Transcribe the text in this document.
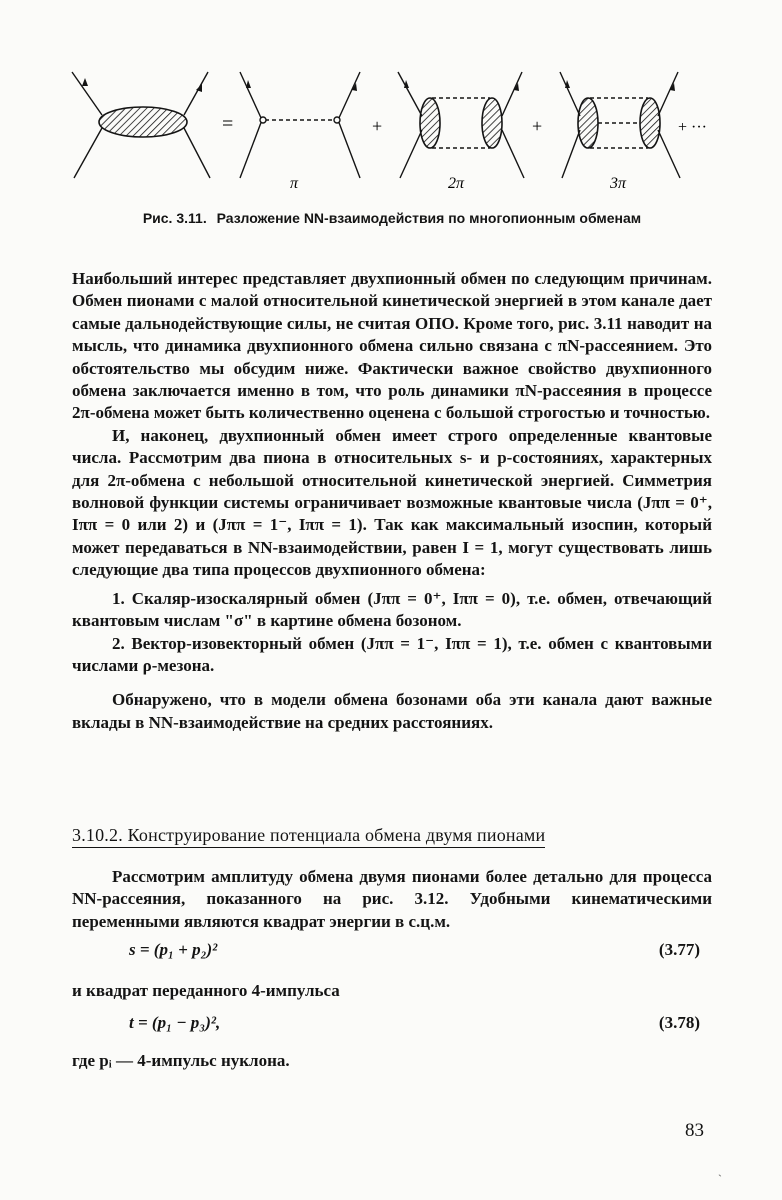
=
π
+
2π
+
3π
+ ···
Рис. 3.11. Разложение NN-взаимодействия по многопионным обменам

Наибольший интерес представляет двухпионный обмен по следующим причинам. Обмен пионами с малой относительной кинетической энергией в этом канале дает самые дальнодействующие силы, не считая ОПО. Кроме того, рис. 3.11 наводит на мысль, что динамика двухпионного обмена сильно связана с πN-рассеянием. Это обстоятельство мы обсудим ниже. Фактически важное свойство двухпионного обмена заключается именно в том, что роль динамики πN-рассеяния в процессе 2π-обмена может быть количественно оценена с большой строгостью и точностью.

И, наконец, двухпионный обмен имеет строго определенные квантовые числа. Рассмотрим два пиона в относительных s- и p-состояниях, характерных для 2π-обмена с небольшой относительной кинетической энергией. Симметрия волновой функции системы ограничивает возможные квантовые числа (Jππ = 0⁺, Iππ = 0 или 2) и (Jππ = 1⁻, Iππ = 1). Так как максимальный изоспин, который может передаваться в NN-взаимодействии, равен I = 1, могут существовать лишь следующие два типа процессов двухпионного обмена:

1. Скаляр-изоскалярный обмен (Jππ = 0⁺, Iππ = 0), т.е. обмен, отвечающий квантовым числам "σ" в картине обмена бозоном.

2. Вектор-изовекторный обмен (Jππ = 1⁻, Iππ = 1), т.е. обмен с квантовыми числами ρ-мезона.

Обнаружено, что в модели обмена бозонами оба эти канала дают важные вклады в NN-взаимодействие на средних расстояниях.

3.10.2. Конструирование потенциала обмена двумя пионами

Рассмотрим амплитуду обмена двумя пионами более детально для процесса NN-рассеяния, показанного на рис. 3.12. Удобными кинематическими переменными являются квадрат энергии в с.ц.м.

s = (p₁ + p₂)²	(3.77)

и квадрат переданного 4-импульса

t = (p₁ − p₃)²,	(3.78)

где pᵢ — 4-импульс нуклона.

83
ˎ
